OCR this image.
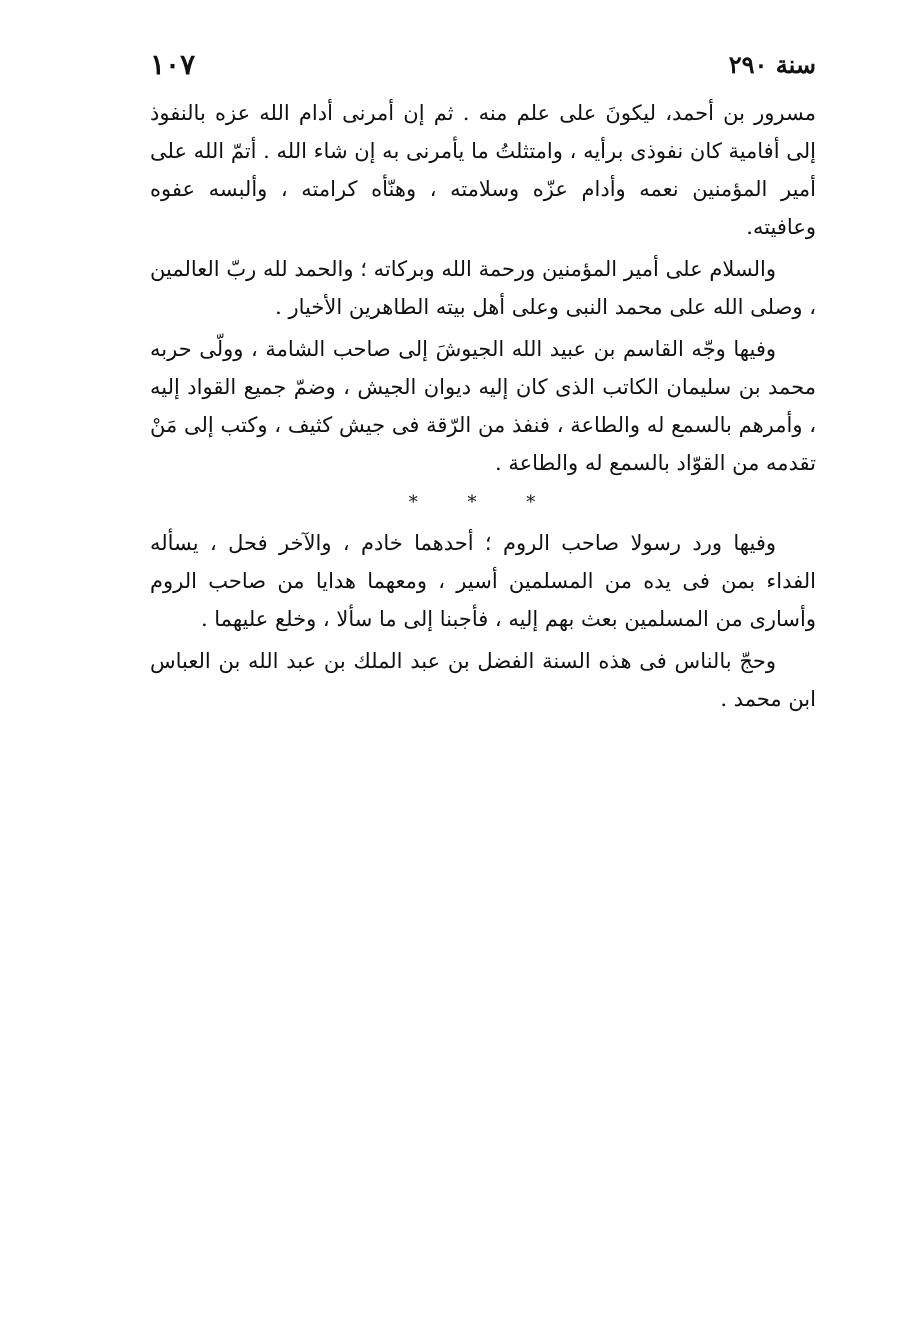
سنة ٢٩٠
١٠٧

مسرور بن أحمد، ليكونَ على علم منه . ثم إن أمرنى أدام الله عزه بالنفوذ إلى أفامية كان نفوذى برأيه ، وامتثلتُ ما يأمرنى به إن شاء الله . أتمّ الله على أمير المؤمنين نعمه وأدام عزّه وسلامته ، وهنّأه كرامته ، وألبسه عفوه وعافيته.

والسلام على أمير المؤمنين ورحمة الله وبركاته ؛ والحمد لله ربّ العالمين ، وصلى الله على محمد النبى وعلى أهل بيته الطاهرين الأخيار .

وفيها وجّه القاسم بن عبيد الله الجيوشَ إلى صاحب الشامة ، وولّى حربه محمد بن سليمان الكاتب الذى كان إليه ديوان الجيش ، وضمّ جميع القواد إليه ، وأمرهم بالسمع له والطاعة ، فنفذ من الرّقة فى جيش كثيف ، وكتب إلى مَنْ تقدمه من القوّاد بالسمع له والطاعة .

* * *

وفيها ورد رسولا صاحب الروم ؛ أحدهما خادم ، والآخر فحل ، يسأله الفداء بمن فى يده من المسلمين أسير ، ومعهما هدايا من صاحب الروم وأسارى من المسلمين بعث بهم إليه ، فأجبنا إلى ما سألا ، وخلع عليهما .

وحجّ بالناس فى هذه السنة الفضل بن عبد الملك بن عبد الله بن العباس ابن محمد .
